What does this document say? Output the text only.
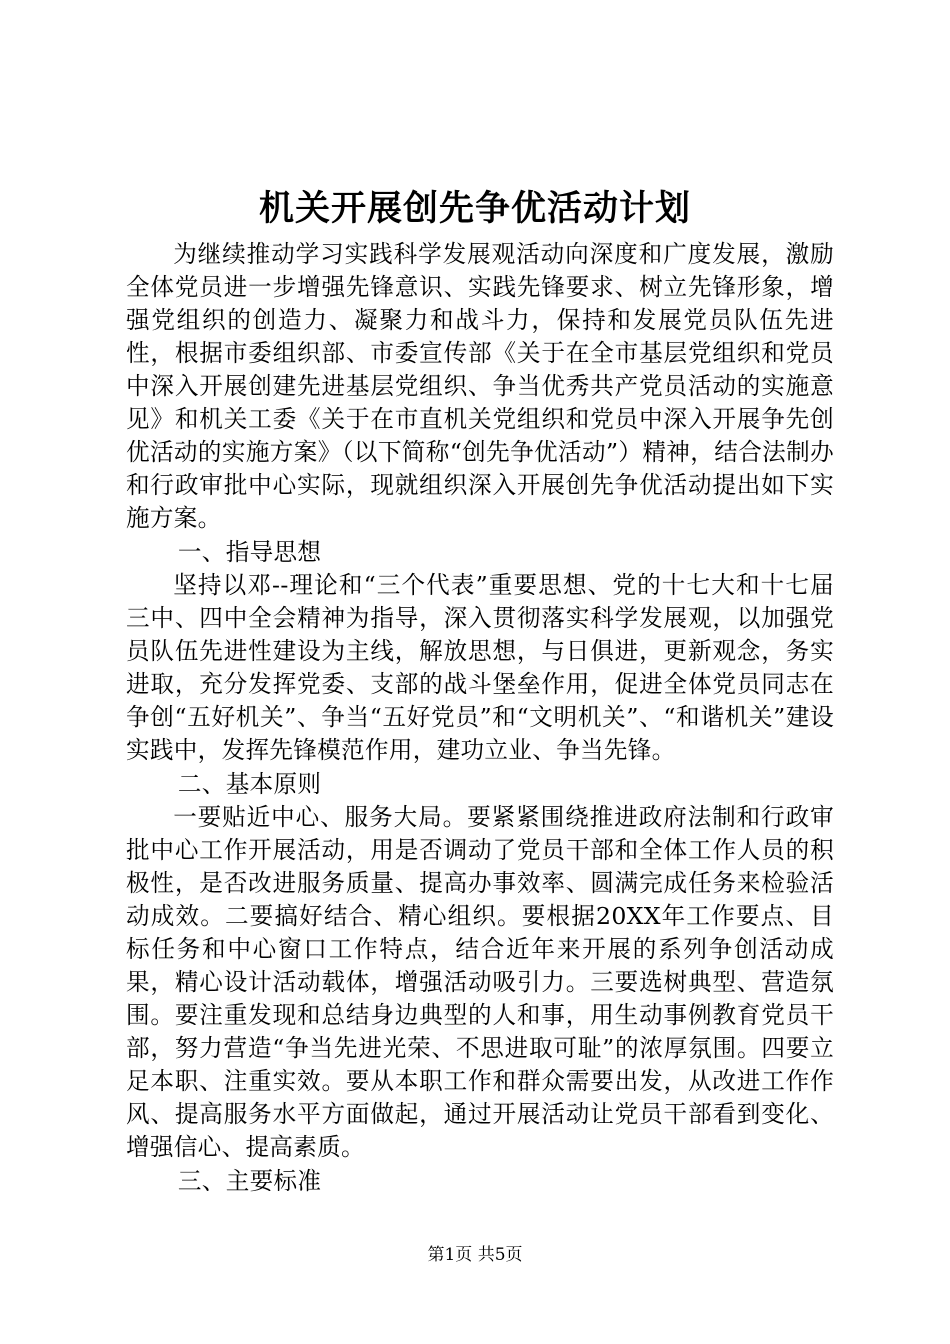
机关开展创先争优活动计划

为继续推动学习实践科学发展观活动向深度和广度发展，激励全体党员进一步增强先锋意识、实践先锋要求、树立先锋形象，增强党组织的创造力、凝聚力和战斗力，保持和发展党员队伍先进性，根据市委组织部、市委宣传部《关于在全市基层党组织和党员中深入开展创建先进基层党组织、争当优秀共产党员活动的实施意见》和机关工委《关于在市直机关党组织和党员中深入开展争先创优活动的实施方案》（以下简称“创先争优活动”）精神，结合法制办和行政审批中心实际，现就组织深入开展创先争优活动提出如下实施方案。

一、指导思想

坚持以邓--理论和“三个代表”重要思想、党的十七大和十七届三中、四中全会精神为指导，深入贯彻落实科学发展观，以加强党员队伍先进性建设为主线，解放思想，与日俱进，更新观念，务实进取，充分发挥党委、支部的战斗堡垒作用，促进全体党员同志在争创“五好机关”、争当“五好党员”和“文明机关”、“和谐机关”建设实践中，发挥先锋模范作用，建功立业、争当先锋。

二、基本原则

一要贴近中心、服务大局。要紧紧围绕推进政府法制和行政审批中心工作开展活动，用是否调动了党员干部和全体工作人员的积极性，是否改进服务质量、提高办事效率、圆满完成任务来检验活动成效。二要搞好结合、精心组织。要根据20XX年工作要点、目标任务和中心窗口工作特点，结合近年来开展的系列争创活动成果，精心设计活动载体，增强活动吸引力。三要选树典型、营造氛围。要注重发现和总结身边典型的人和事，用生动事例教育党员干部，努力营造“争当先进光荣、不思进取可耻”的浓厚氛围。四要立足本职、注重实效。要从本职工作和群众需要出发，从改进工作作风、提高服务水平方面做起，通过开展活动让党员干部看到变化、增强信心、提高素质。

三、主要标准

第1页 共5页
